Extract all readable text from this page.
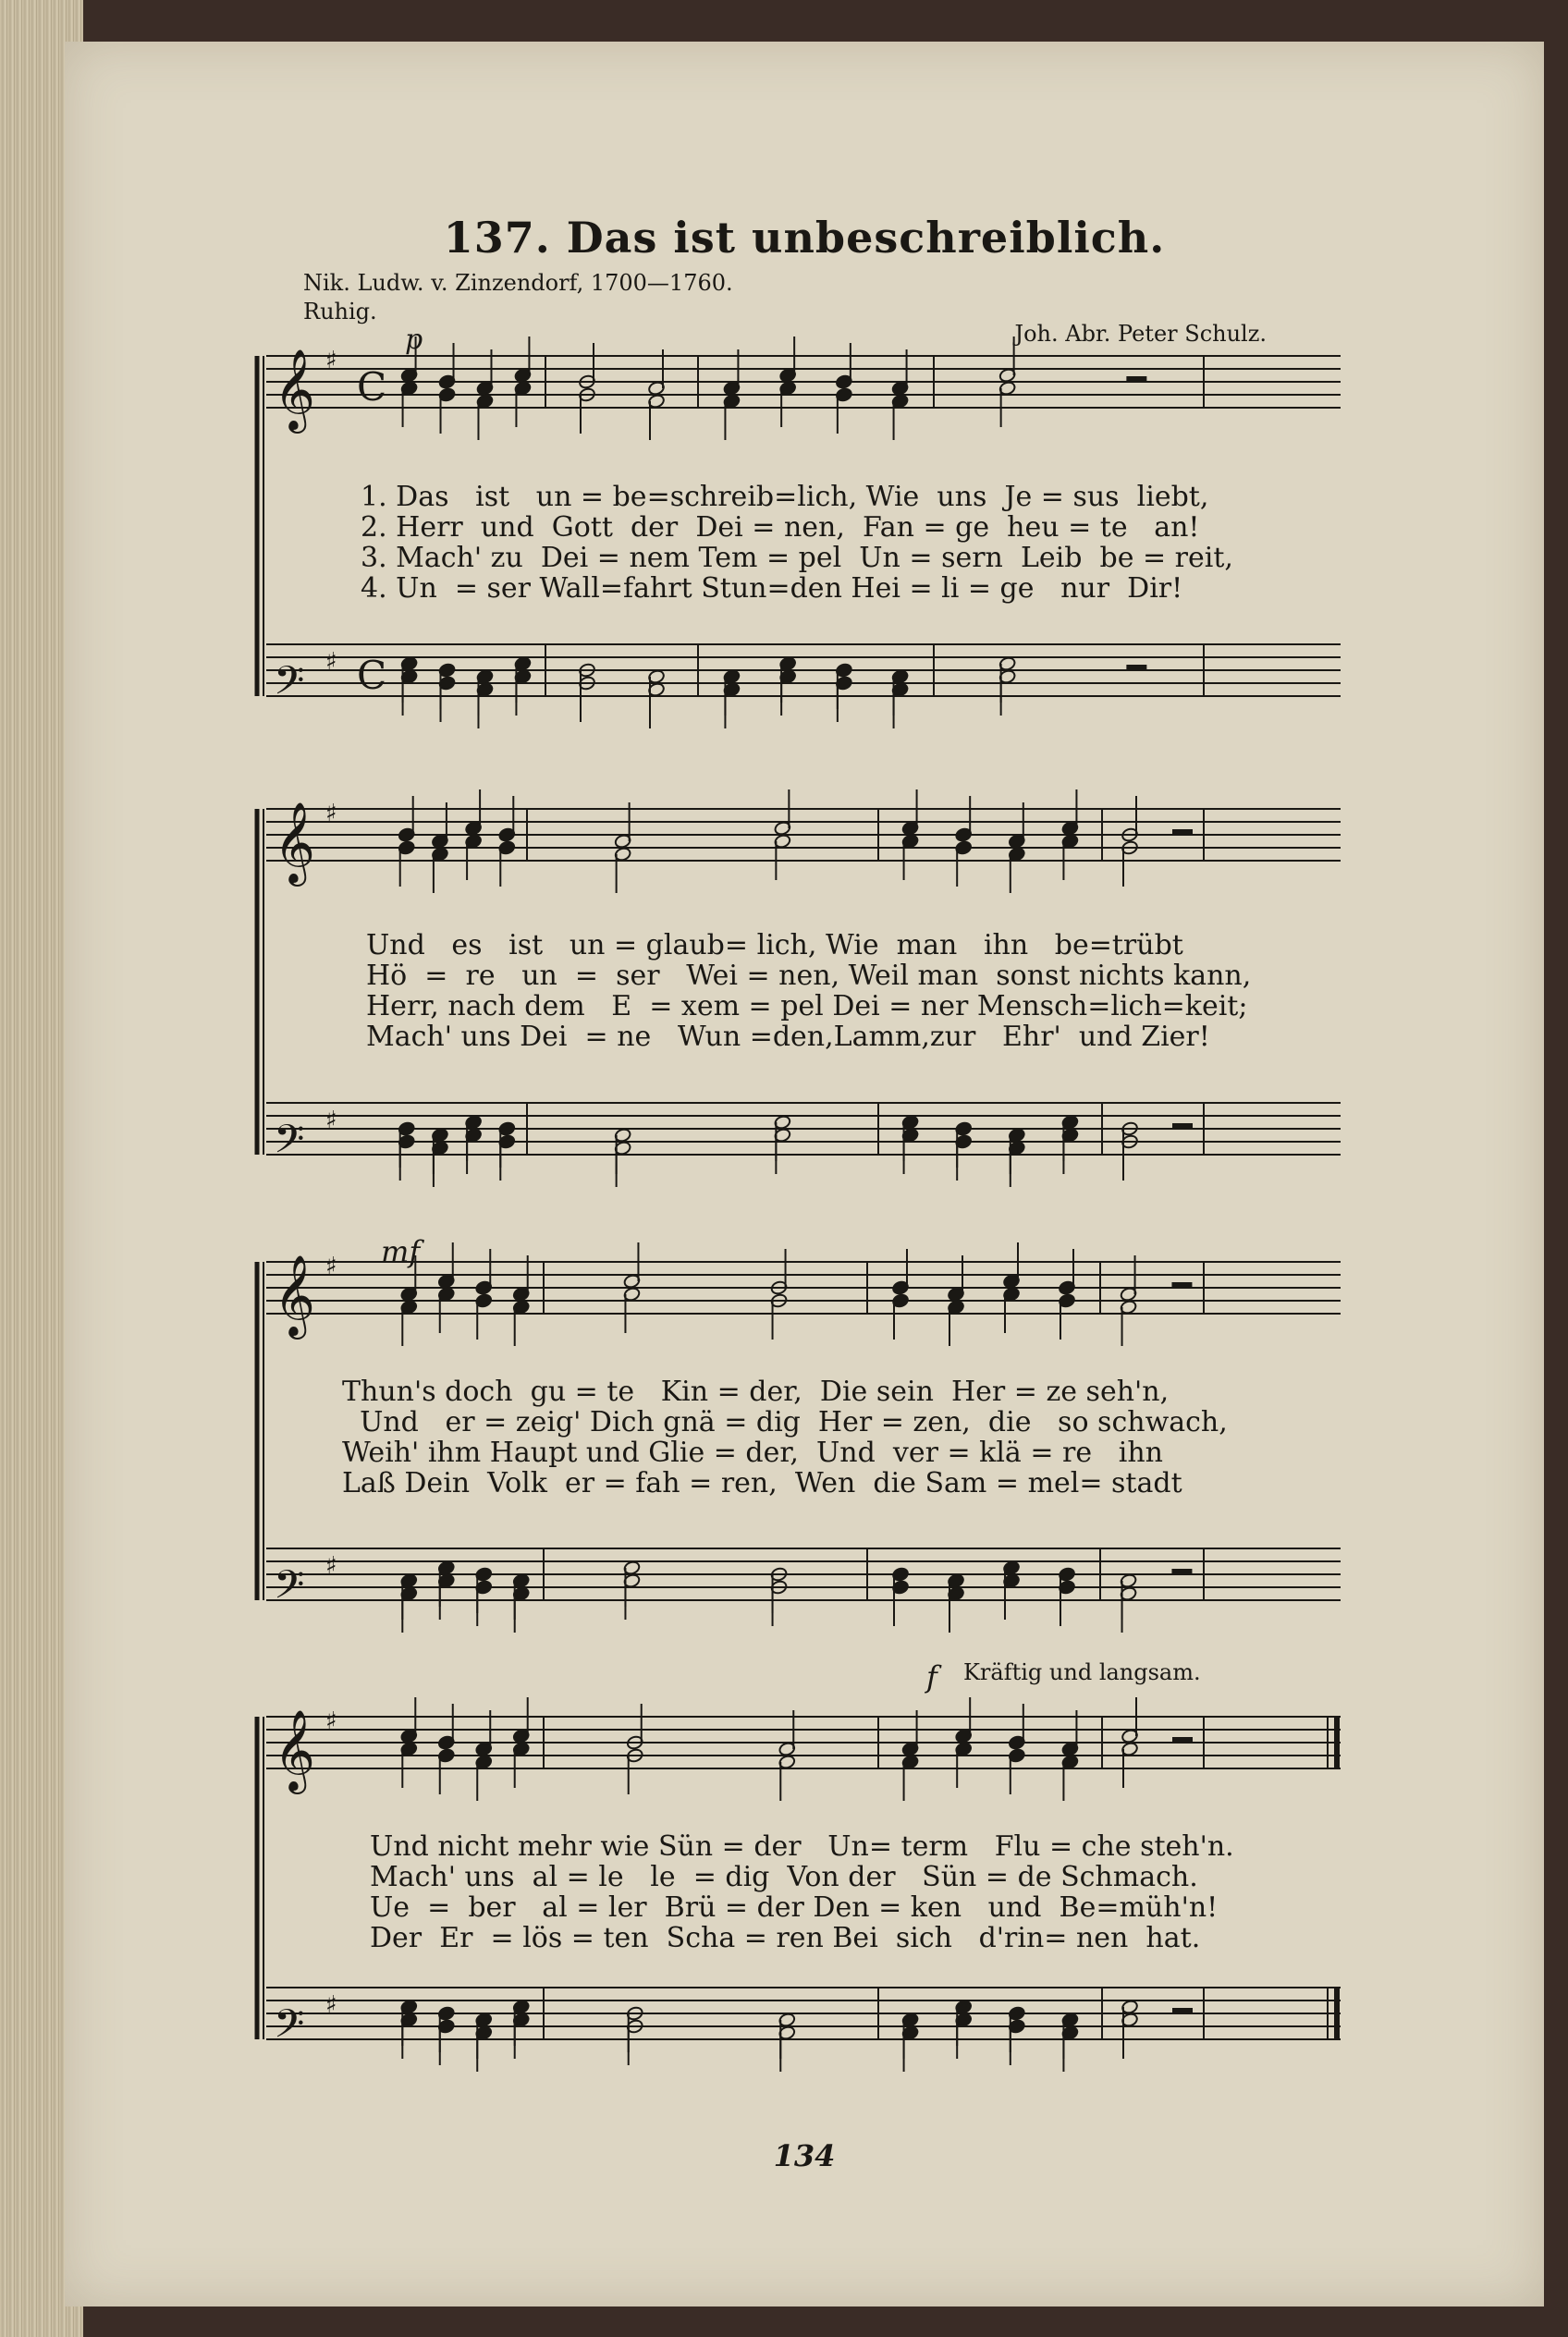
137. Das ist unbeschreiblich.
Nik. Ludw. v. Zinzendorf, 1700—1760.
Ruhig.
Joh. Abr. Peter Schulz.
p
mf
f Kräftig und langsam.
𝄞 ♯
C
𝄢 ♯ C
𝄞 ♯
𝄢 ♯
𝄞 ♯
𝄢 ♯
𝄞 ♯
𝄢 ♯

1. Das   ist   un = be=schreib=lich, Wie  uns  Je = sus  liebt,

2. Herr  und  Gott  der  Dei = nen,  Fan = ge  heu = te   an!

3. Mach' zu  Dei = nem Tem = pel  Un = sern  Leib  be = reit,

4. Un  = ser Wall=fahrt Stun=den Hei = li = ge   nur  Dir!

Und   es   ist   un = glaub= lich, Wie  man   ihn   be=trübt

Hö  =  re   un  =  ser   Wei = nen, Weil man  sonst nichts kann,

Herr, nach dem   E  = xem = pel Dei = ner Mensch=lich=keit;

Mach' uns Dei  = ne   Wun =den,Lamm,zur   Ehr'  und Zier!

Thun's doch  gu = te   Kin = der,  Die sein  Her = ze seh'n,

Und   er = zeig' Dich gnä = dig  Her = zen,  die   so schwach,

Weih' ihm Haupt und Glie = der,  Und  ver = klä = re   ihn

Laß Dein  Volk  er = fah = ren,  Wen  die Sam = mel= stadt

Und nicht mehr wie Sün = der   Un= term   Flu = che steh'n.

Mach' uns  al = le   le  = dig  Von der   Sün = de Schmach.

Ue  =  ber   al = ler  Brü = der Den = ken   und  Be=müh'n!

Der  Er  = lös = ten  Scha = ren Bei  sich   d'rin= nen  hat.

134
